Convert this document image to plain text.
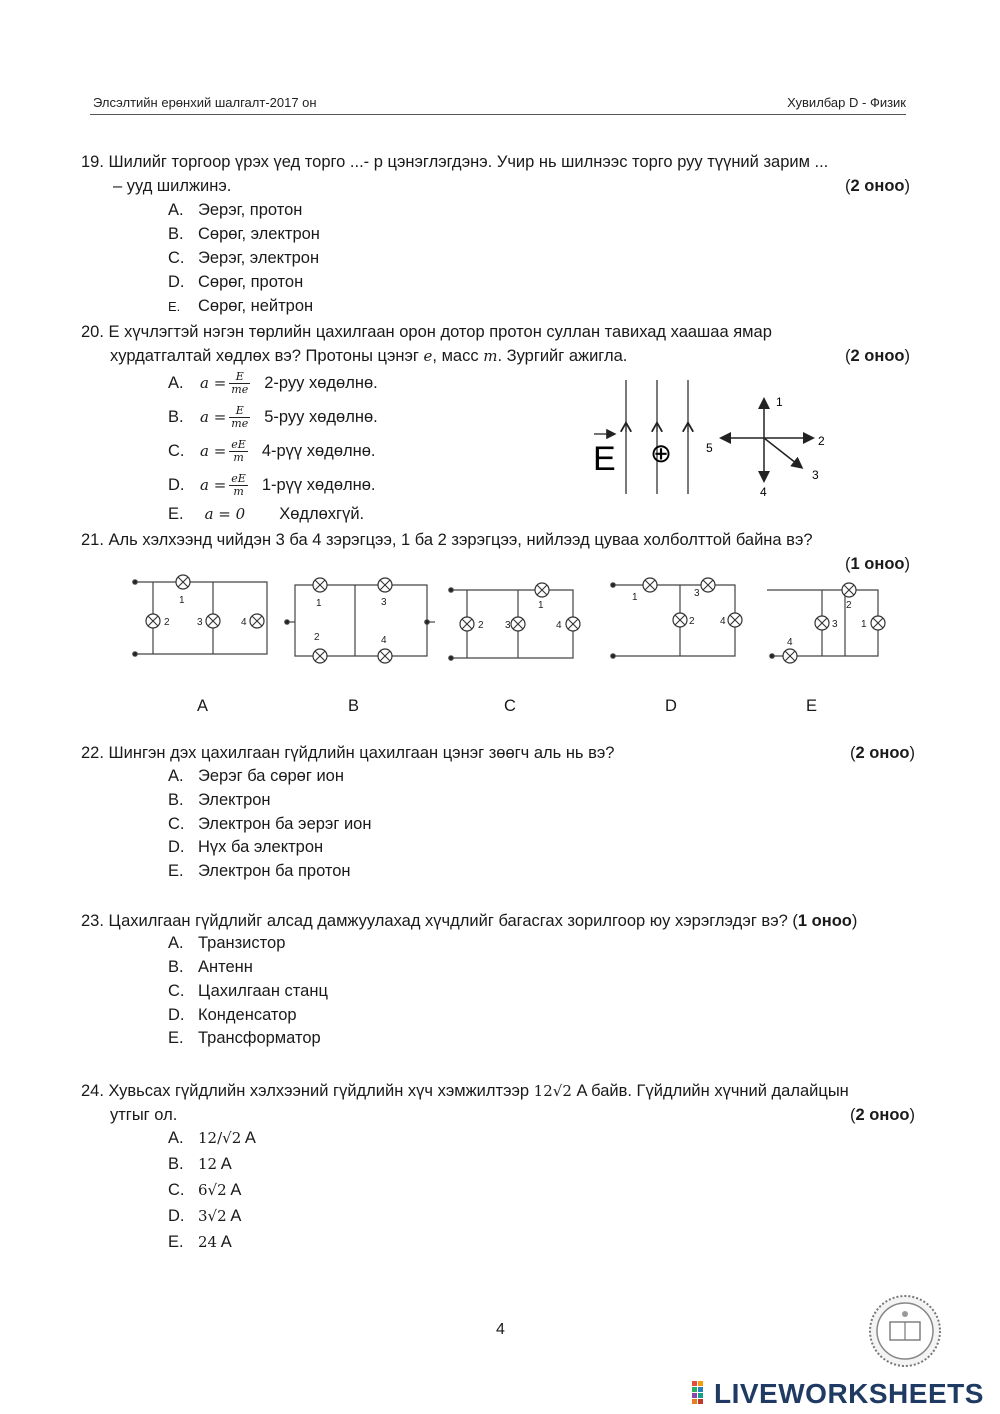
Элсэлтийн ерөнхий шалгалт-2017 он	Хувилбар D - Физик
19. Шилийг торгоор үрэх үед торго ...- р цэнэглэгдэнэ. Учир нь шилнээс торго руу түүний зарим ...
– ууд шилжинэ.	(2 оноо)
A. Эерэг, протон
B. Сөрөг, электрон
C. Эерэг, электрон
D. Сөрөг, протон
E. Сөрөг, нейтрон
20. E хүчлэгтэй нэгэн төрлийн цахилгаан орон дотор протон суллан тавихад хаашаа ямар
хурдатгалтай хөдлөх вэ? Протоны цэнэг e, масс m. Зургийг ажигла.	(2 оноо)
A.	$a = \frac{E}{me} 2-руу$ хөдөлнө.
B.	$a = \frac{E}{me} 5-руу$ хөдөлнө.
C.	$a = \frac{eE}{m} 4-рүү$ хөдөлнө.
D.	$a = \frac{eE}{m} 1-рүү$ хөдөлнө.
E. a = 0 Хөдлөхгүй.
E ⊕	5
1
2
3
4
21. Аль хэлхээнд чийдэн 3 ба 4 зэрэгцээ, 1 ба 2 зэрэгцээ, нийлээд цуваа холболттой байна вэ?
(1 оноо)
1
2	3	4
1	3
2	4
1
2 3	4
1	3
2	4
2
3 1
4
A	B	C	D	E
22. Шингэн дэх цахилгаан гүйдлийн цахилгаан цэнэг зөөгч аль нь вэ?	(2 оноо)
A. Эерэг ба сөрөг ион
B. Электрон
C. Электрон ба эерэг ион
D. Нүх ба электрон
E. Электрон ба протон
23. Цахилгаан гүйдлийг алсад дамжуулахад хүчдлийг багасгах зорилгоор юу хэрэглэдэг вэ? (1 оноо)
A. Транзистор
B. Антенн
C. Цахилгаан станц
D. Конденсатор
E. Трансформатор
24. Хувьсах гүйдлийн хэлхээний гүйдлийн хүч хэмжилтээр 12√2 A байв. Гүйдлийн хүчний далайцын
утгыг ол.	(2 оноо)
A. 12/√2 A
B. 12 A
C. 6√2 A
D. 3√2 A
E. 24 A
4
LIVEWORKSHEETS
